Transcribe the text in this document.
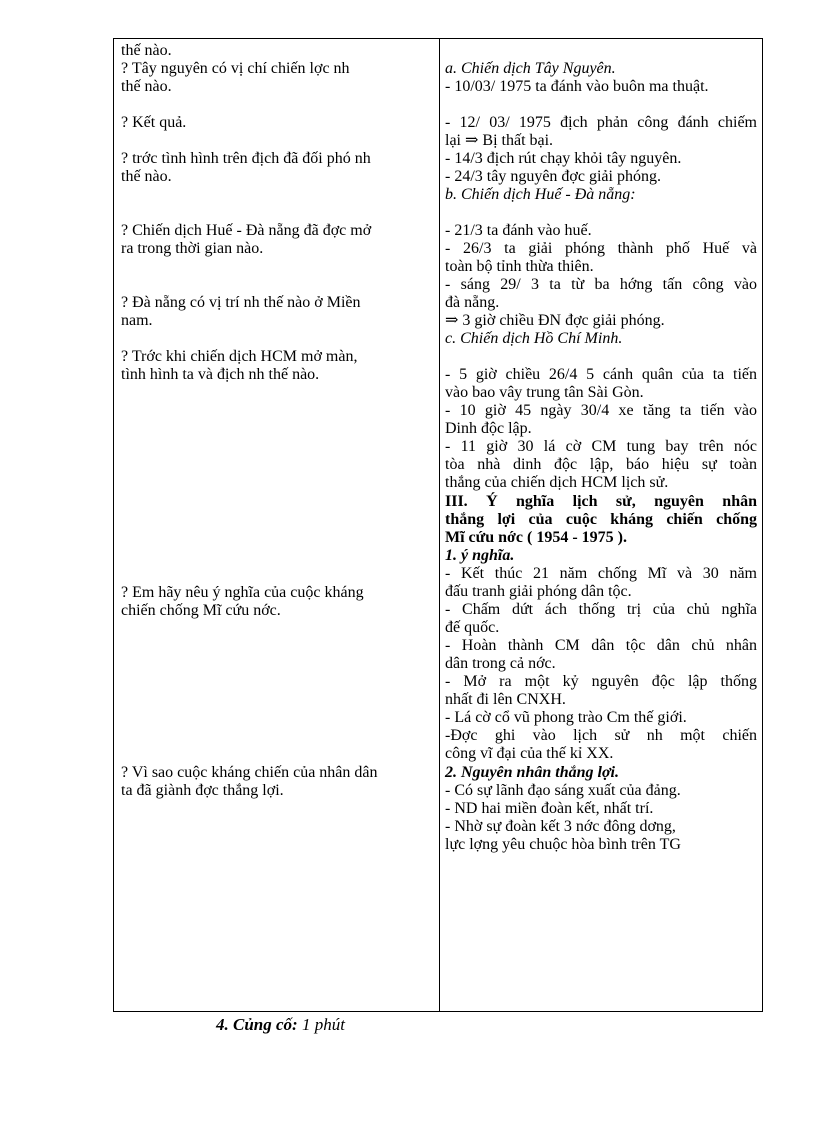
thế nào.
? Tây nguyên có vị chí chiến lợc nh
thế nào.
? Kết quả.
? trớc tình hình trên địch đã đối phó nh
thế nào.
? Chiến dịch Huế - Đà nẵng đã đợc mở
ra trong thời gian nào.
? Đà nẵng có vị trí nh thế nào ở Miền
nam.
? Trớc khi chiến dịch HCM mở màn,
tình hình ta và địch nh thế nào.
? Em hãy nêu ý nghĩa của cuộc kháng
chiến chống Mĩ cứu nớc.
? Vì sao cuộc kháng chiến của nhân dân
ta đã giành đợc thắng lợi.
a. Chiến dịch Tây Nguyên.
- 10/03/ 1975 ta đánh vào buôn ma thuật.
- 12/ 03/ 1975 địch phản công đánh chiếm
lại ⇒ Bị thất bại.
- 14/3 địch rút chạy khỏi tây nguyên.
- 24/3 tây nguyên đợc giải phóng.
b. Chiến dịch Huế - Đà nẵng:
- 21/3 ta đánh vào huế.
- 26/3 ta giải phóng thành phố Huế và
toàn bộ tỉnh thừa thiên.
- sáng 29/ 3 ta từ ba hớng tấn công vào
đà nẵng.
⇒ 3 giờ chiều ĐN đợc giải phóng.
c. Chiến dịch Hồ Chí Minh.
- 5 giờ chiều 26/4 5 cánh quân của ta tiến
vào bao vây trung tân Sài Gòn.
- 10 giờ 45 ngày 30/4 xe tăng ta tiến vào
Dinh độc lập.
- 11 giờ 30 lá cờ CM tung bay trên nóc
tòa nhà dinh độc lập, báo hiệu sự toàn
thắng của chiến dịch HCM lịch sử.
III. Ý nghĩa lịch sử, nguyên nhân
thắng lợi của cuộc kháng chiến chống
Mĩ cứu nớc ( 1954 - 1975 ).
1. ý nghĩa.
- Kết thúc 21 năm chống Mĩ và 30 năm
đấu tranh giải phóng dân tộc.
- Chấm dứt ách thống trị của chủ nghĩa
đế quốc.
- Hoàn thành CM dân tộc dân chủ nhân
dân trong cả nớc.
- Mở ra một kỷ nguyên độc lập thống
nhất đi lên CNXH.
- Lá cờ cổ vũ phong trào Cm thế giới.
-Đợc ghi vào lịch sử nh một chiến
công vĩ đại của thế kỉ XX.
2. Nguyên nhân thắng lợi.
- Có sự lãnh đạo sáng xuất của đảng.
- ND hai miền đoàn kết, nhất trí.
- Nhờ sự đoàn kết 3 nớc đông dơng,
lực lợng yêu chuộc hòa bình trên TG
4. Củng cố: 1 phút
